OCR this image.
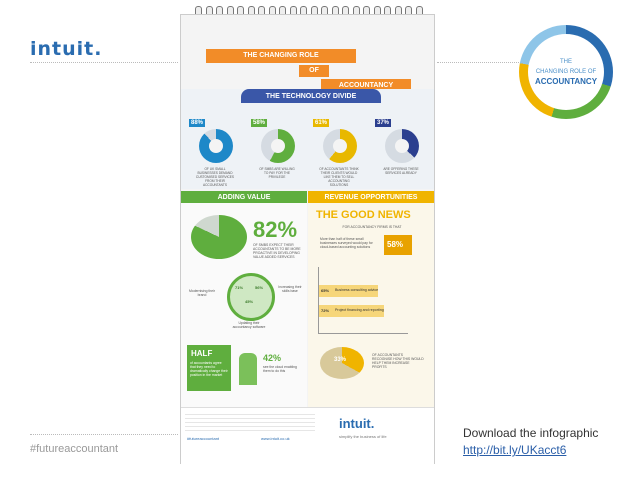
intuit.
#futureaccountant
Download the infographic
http://bit.ly/UKacct6
THE
CHANGING ROLE OF
ACCOUNTANCY
THE CHANGING ROLE
OF
ACCOUNTANCY
THE TECHNOLOGY DIVIDE
88%
OF UK SMALL BUSINESSES DEMAND CUSTOMISED SERVICES FROM THEIR ACCOUNTANTS
58%
OF SMBS ARE WILLING TO PAY FOR THE PRIVILEGE
61%
OF ACCOUNTANTS THINK THEIR CLIENTS WOULD LIKE THEM TO SELL ACCOUNTING SOLUTIONS
37%
ARE OFFERING THESE SERVICES ALREADY
ADDING VALUE	REVENUE OPPORTUNITIES
82%
OF SMBS EXPECT THEIR ACCOUNTANTS TO BE MORE PROACTIVE IN DEVELOPING VALUE ADDED SERVICES
71%	56%
45%
Modernising their brand
Increasing their skills base
Updating their accountancy software
HALF
of accountants agree that they need to dramatically change their position in the market
42%
see the cloud enabling them to do this
THE GOOD NEWS
FOR ACCOUNTANCY FIRMS IS THAT
More than half of these small businesses surveyed would pay for cloud-based accounting solutions	58%
65% Business consulting advice
72% Project financing and reporting
33%
OF ACCOUNTANTS RECOGNISE HOW THIS WOULD HELP THEM INCREASE PROFITS
#futureaccountant	www.intuit.co.uk
intuit.
simplify the business of life
